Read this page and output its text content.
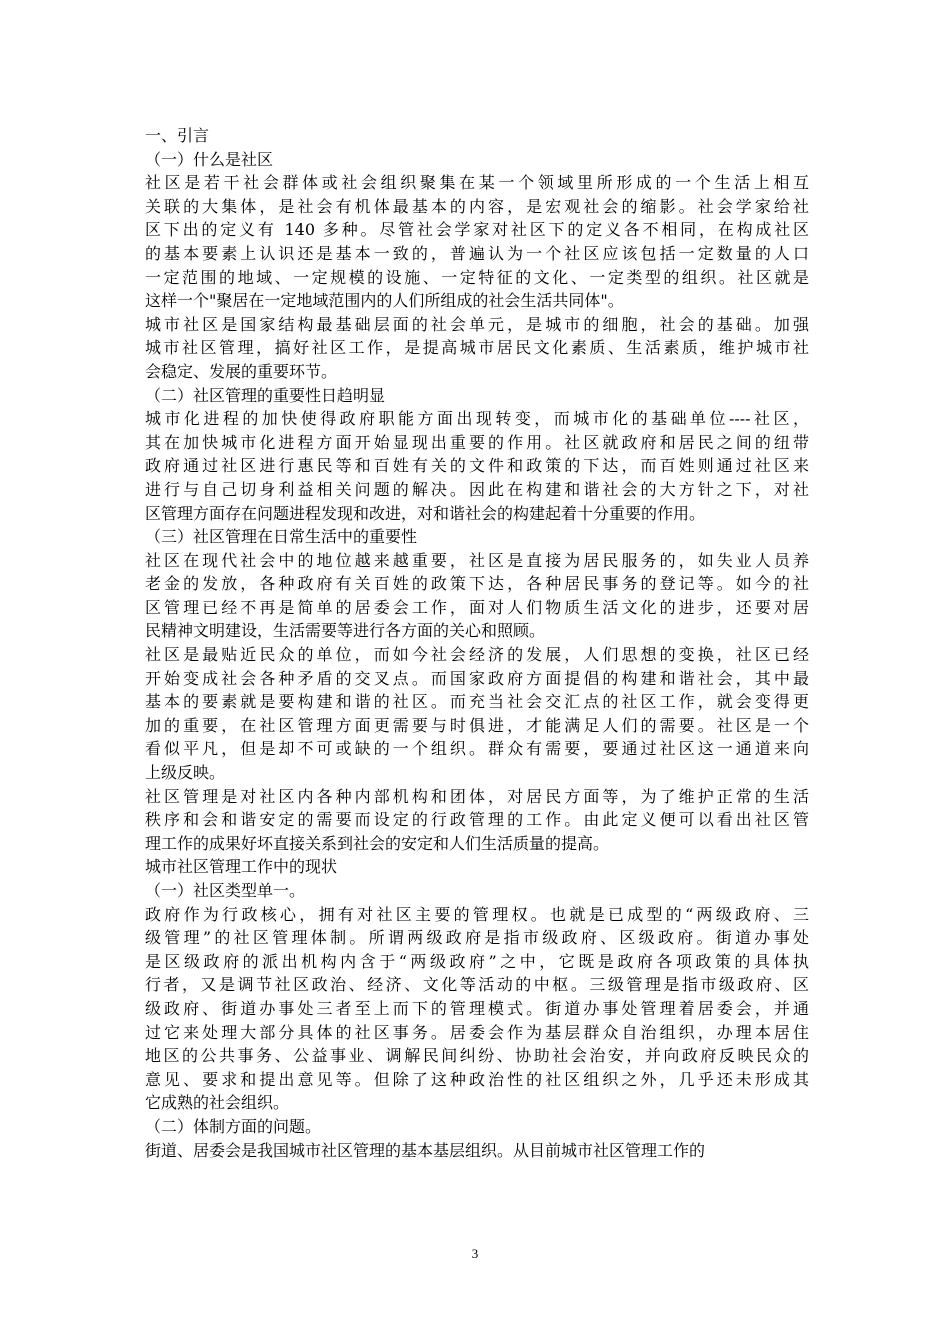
一、引言
（一）什么是社区
社区是若干社会群体或社会组织聚集在某一个领域里所形成的一个生活上相互
关联的大集体，是社会有机体最基本的内容，是宏观社会的缩影。社会学家给社
区下出的定义有 140 多种。尽管社会学家对社区下的定义各不相同，在构成社区
的基本要素上认识还是基本一致的，普遍认为一个社区应该包括一定数量的人口
一定范围的地域、一定规模的设施、一定特征的文化、一定类型的组织。社区就是
这样一个"聚居在一定地域范围内的人们所组成的社会生活共同体"。
城市社区是国家结构最基础层面的社会单元，是城市的细胞，社会的基础。加强
城市社区管理，搞好社区工作，是提高城市居民文化素质、生活素质，维护城市社
会稳定、发展的重要环节。
（二）社区管理的重要性日趋明显
城市化进程的加快使得政府职能方面出现转变，而城市化的基础单位----社区，
其在加快城市化进程方面开始显现出重要的作用。社区就政府和居民之间的纽带
政府通过社区进行惠民等和百姓有关的文件和政策的下达，而百姓则通过社区来
进行与自己切身利益相关问题的解决。因此在构建和谐社会的大方针之下，对社
区管理方面存在问题进程发现和改进，对和谐社会的构建起着十分重要的作用。
（三）社区管理在日常生活中的重要性
社区在现代社会中的地位越来越重要，社区是直接为居民服务的，如失业人员养
老金的发放，各种政府有关百姓的政策下达，各种居民事务的登记等。如今的社
区管理已经不再是简单的居委会工作，面对人们物质生活文化的进步，还要对居
民精神文明建设，生活需要等进行各方面的关心和照顾。
社区是最贴近民众的单位，而如今社会经济的发展，人们思想的变换，社区已经
开始变成社会各种矛盾的交叉点。而国家政府方面提倡的构建和谐社会，其中最
基本的要素就是要构建和谐的社区。而充当社会交汇点的社区工作，就会变得更
加的重要，在社区管理方面更需要与时俱进，才能满足人们的需要。社区是一个
看似平凡，但是却不可或缺的一个组织。群众有需要，要通过社区这一通道来向
上级反映。
社区管理是对社区内各种内部机构和团体，对居民方面等，为了维护正常的生活
秩序和会和谐安定的需要而设定的行政管理的工作。由此定义便可以看出社区管
理工作的成果好坏直接关系到社会的安定和人们生活质量的提高。
城市社区管理工作中的现状
（一）社区类型单一。
政府作为行政核心，拥有对社区主要的管理权。也就是已成型的“两级政府、三
级管理”的社区管理体制。所谓两级政府是指市级政府、区级政府。街道办事处
是区级政府的派出机构内含于“两级政府”之中，它既是政府各项政策的具体执
行者，又是调节社区政治、经济、文化等活动的中枢。三级管理是指市级政府、区
级政府、街道办事处三者至上而下的管理模式。街道办事处管理着居委会，并通
过它来处理大部分具体的社区事务。居委会作为基层群众自治组织，办理本居住
地区的公共事务、公益事业、调解民间纠纷、协助社会治安，并向政府反映民众的
意见、要求和提出意见等。但除了这种政治性的社区组织之外，几乎还未形成其
它成熟的社会组织。
（二）体制方面的问题。
街道、居委会是我国城市社区管理的基本基层组织。从目前城市社区管理工作的
3
